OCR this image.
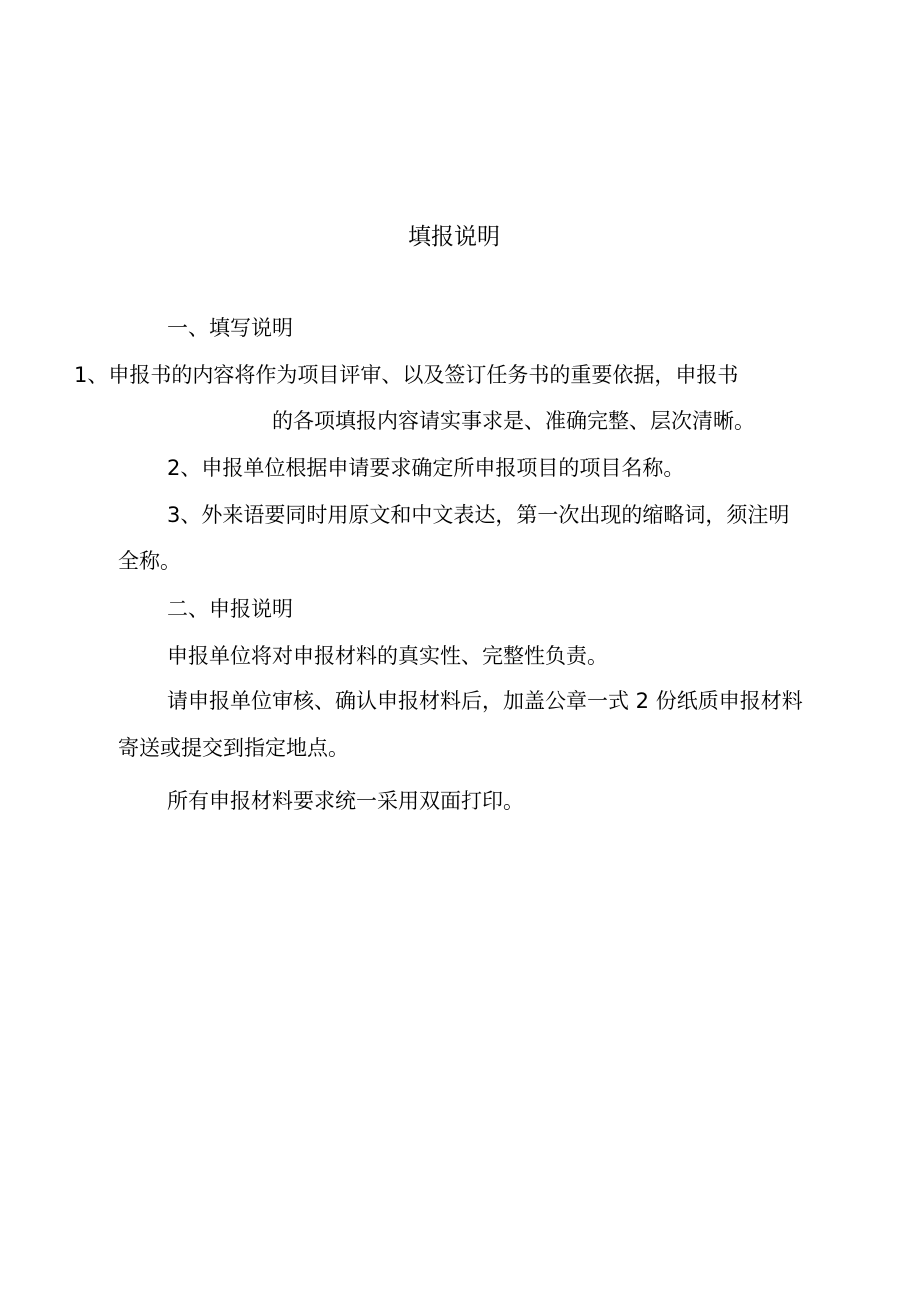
填报说明
一、填写说明
1、申报书的内容将作为项目评审、以及签订任务书的重要依据，申报书
的各项填报内容请实事求是、准确完整、层次清晰。
2、申报单位根据申请要求确定所申报项目的项目名称。
3、外来语要同时用原文和中文表达，第一次出现的缩略词，须注明
全称。
二、申报说明
申报单位将对申报材料的真实性、完整性负责。
请申报单位审核、确认申报材料后，加盖公章一式 2 份纸质申报材料
寄送或提交到指定地点。
所有申报材料要求统一采用双面打印。
